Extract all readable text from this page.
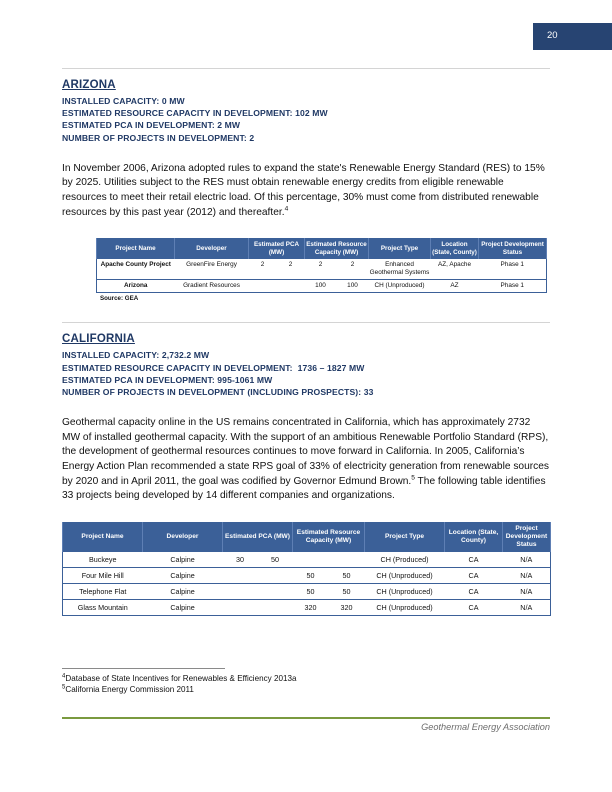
20
ARIZONA
INSTALLED CAPACITY: 0 MW
ESTIMATED RESOURCE CAPACITY IN DEVELOPMENT: 102 MW
ESTIMATED PCA IN DEVELOPMENT: 2 MW
NUMBER OF PROJECTS IN DEVELOPMENT: 2

In November 2006, Arizona adopted rules to expand the state's Renewable Energy Standard (RES) to 15% by 2025. Utilities subject to the RES must obtain renewable energy credits from eligible renewable resources to meet their retail electric load. Of this percentage, 30% must come from distributed renewable resources by this past year (2012) and thereafter.$^4$

Project Name	Developer	Estimated PCA (MW)		Estimated Resource Capacity (MW)		Project Type	Location (State, County)	Project Development Status
Apache County Project	GreenFire Energy	2	2	2	2	Enhanced Geothermal Systems	AZ, Apache	Phase 1
Arizona	Gradient Resources			100	100	CH (Unproduced)	AZ	Phase 1
Source: GEA
CALIFORNIA
INSTALLED CAPACITY: 2,732.2 MW
ESTIMATED RESOURCE CAPACITY IN DEVELOPMENT:  1736 – 1827 MW
ESTIMATED PCA IN DEVELOPMENT: 995-1061 MW
NUMBER OF PROJECTS IN DEVELOPMENT (INCLUDING PROSPECTS): 33

Geothermal capacity online in the US remains concentrated in California, which has approximately 2732 MW of installed geothermal capacity. With the support of an ambitious Renewable Portfolio Standard (RPS), the development of geothermal resources continues to move forward in California. In 2005, California’s Energy Action Plan recommended a state RPS goal of 33% of electricity generation from renewable sources by 2020 and in April 2011, the goal was codified by Governor Edmund Brown.$^5$ The following table identifies 33 projects being developed by 14 different companies and organizations.

Project Name	Developer	Estimated PCA (MW)		Estimated Resource Capacity (MW)		Project Type	Location (State, County)	Project Development Status
Buckeye	Calpine	30	50			CH (Produced)	CA	N/A
Four Mile Hill	Calpine			50	50	CH (Unproduced)	CA	N/A
Telephone Flat	Calpine			50	50	CH (Unproduced)	CA	N/A
Glass Mountain	Calpine			320	320	CH (Unproduced)	CA	N/A
$^4$Database of State Incentives for Renewables & Efficiency 2013a
$^5$California Energy Commission 2011
Geothermal Energy Association
